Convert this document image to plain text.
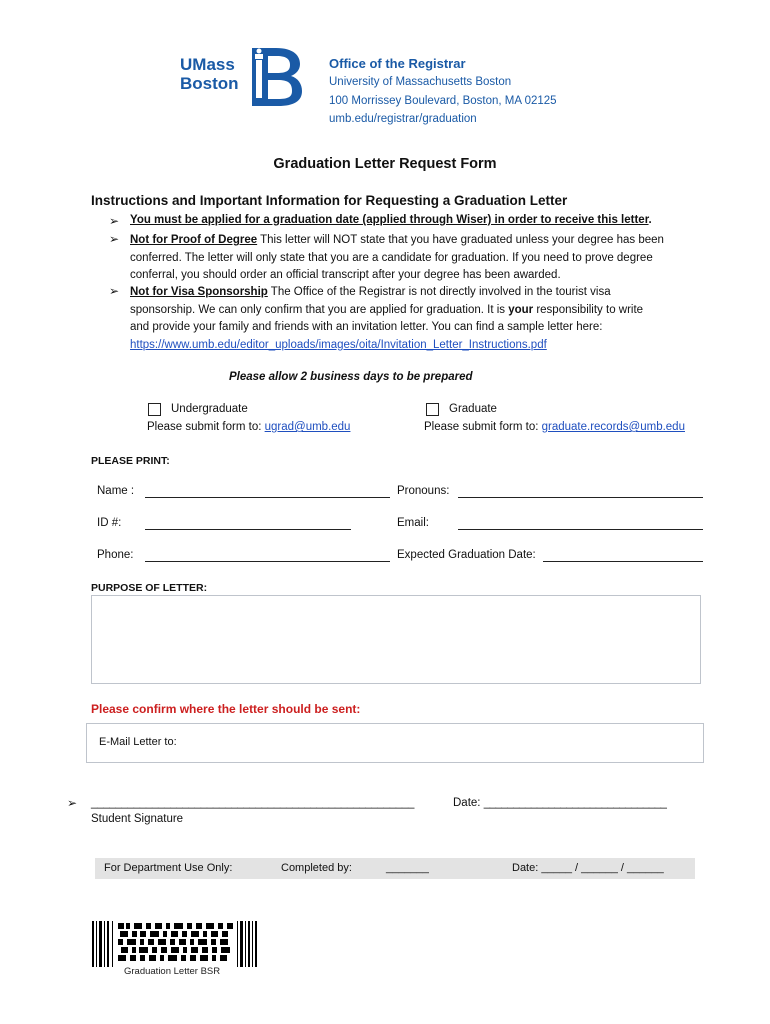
UMass
Boston
Office of the Registrar
University of Massachusetts Boston
100 Morrissey Boulevard, Boston, MA 02125
umb.edu/registrar/graduation
Graduation Letter Request Form
Instructions and Important Information for Requesting a Graduation Letter
➢ You must be applied for a graduation date (applied through Wiser) in order to receive this letter.
➢ Not for Proof of Degree This letter will NOT state that you have graduated unless your degree has been
conferred. The letter will only state that you are a candidate for graduation. If you need to prove degree
conferral, you should order an official transcript after your degree has been awarded.
➢ Not for Visa Sponsorship The Office of the Registrar is not directly involved in the tourist visa
sponsorship. We can only confirm that you are applied for graduation. It is your responsibility to write
and provide your family and friends with an invitation letter. You can find a sample letter here:
https://www.umb.edu/editor_uploads/images/oita/Invitation_Letter_Instructions.pdf
Please allow 2 business days to be prepared
Undergraduate
Please submit form to: ugrad@umb.edu
Graduate
Please submit form to: graduate.records@umb.edu
PLEASE PRINT:
Name :	Pronouns:
ID #:	Email:
Phone:	Expected Graduation Date:
PURPOSE OF LETTER:
Please confirm where the letter should be sent:
E-Mail Letter to:
➢ _____________________________________________________
Student Signature
Date: _______________________________
For Department Use Only:	Completed by:	_______	Date: _____ / ______ / ______
Graduation Letter BSR
